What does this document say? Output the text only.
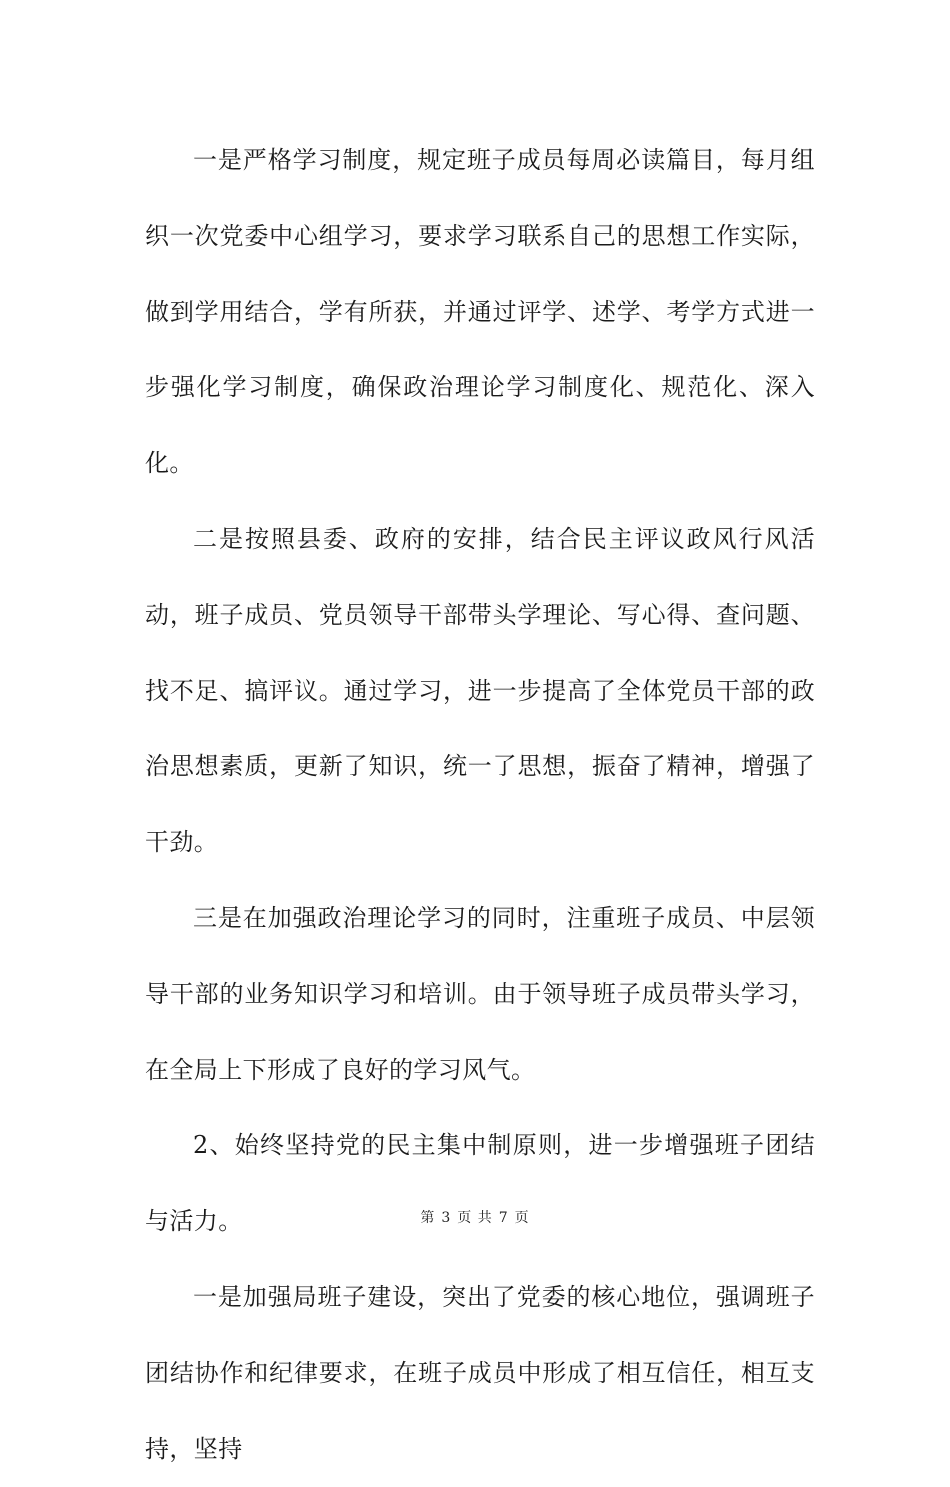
一是严格学习制度，规定班子成员每周必读篇目，每月组织一次党委中心组学习，要求学习联系自己的思想工作实际，做到学用结合，学有所获，并通过评学、述学、考学方式进一步强化学习制度，确保政治理论学习制度化、规范化、深入化。

二是按照县委、政府的安排，结合民主评议政风行风活动，班子成员、党员领导干部带头学理论、写心得、查问题、找不足、搞评议。通过学习，进一步提高了全体党员干部的政治思想素质，更新了知识，统一了思想，振奋了精神，增强了干劲。

三是在加强政治理论学习的同时，注重班子成员、中层领导干部的业务知识学习和培训。由于领导班子成员带头学习，在全局上下形成了良好的学习风气。

2、始终坚持党的民主集中制原则，进一步增强班子团结与活力。

一是加强局班子建设，突出了党委的核心地位，强调班子团结协作和纪律要求，在班子成员中形成了相互信任，相互支持，坚持

第 3 页 共 7 页
